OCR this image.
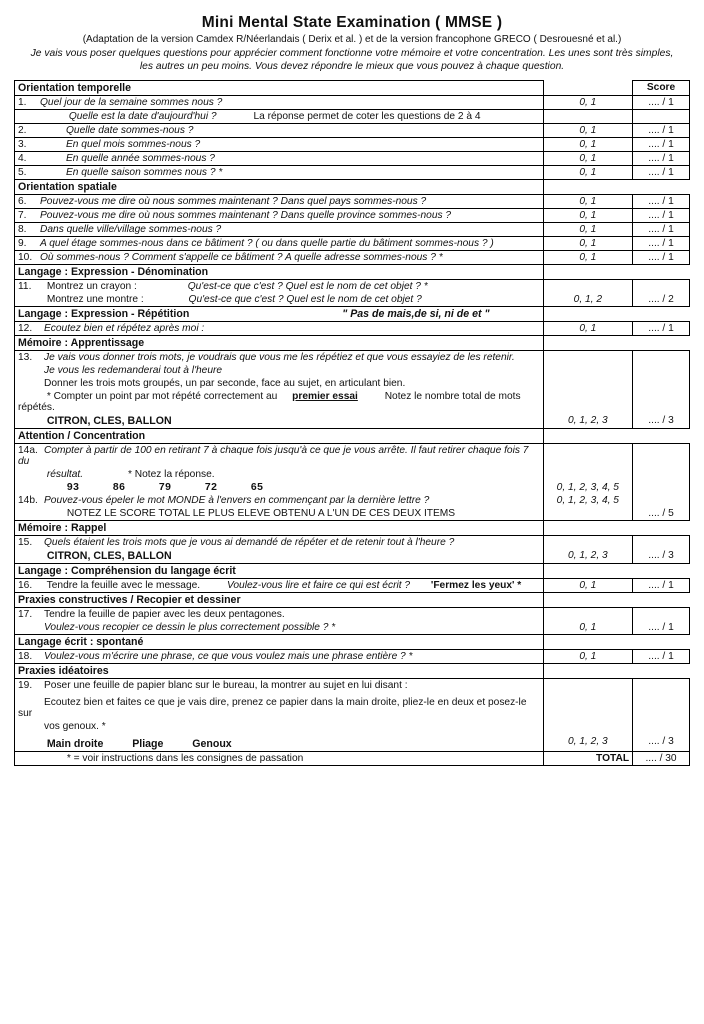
Mini Mental State Examination ( MMSE )
(Adaptation de la version Camdex R/Néerlandais ( Derix et al. ) et de la version francophone GRECO ( Desrouesné et al.)
Je vais vous poser quelques questions pour apprécier comment fonctionne votre mémoire et votre concentration. Les unes sont très simples, les autres un peu moins. Vous devez répondre le mieux que vous pouvez à chaque question.
Orientation temporelle		Score
1. Quel jour de la semaine sommes nous ?	0, 1	.... / 1
Quelle est la date d'aujourd'hui ? La réponse permet de coter les questions de 2 à 4		
2. Quelle date sommes-nous ?	0, 1	.... / 1
3. En quel mois sommes-nous ?	0, 1	.... / 1
4. En quelle année sommes-nous ?	0, 1	.... / 1
5. En quelle saison sommes nous ? *	0, 1	.... / 1
Orientation spatiale		
6. Pouvez-vous me dire où nous sommes maintenant ? Dans quel pays sommes-nous ?	0, 1	.... / 1
7. Pouvez-vous me dire où nous sommes maintenant ? Dans quelle province sommes-nous ?	0, 1	.... / 1
8. Dans quelle ville/village sommes-nous ?	0, 1	.... / 1
9. A quel étage sommes-nous dans ce bâtiment ? ( ou dans quelle partie du bâtiment sommes-nous ? )	0, 1	.... / 1
10. Où sommes-nous ? Comment s'appelle ce bâtiment ? A quelle adresse sommes-nous ? *	0, 1	.... / 1
Langage : Expression - Dénomination		
11. Montrez un crayon : Qu'est-ce que c'est ? Quel est le nom de cet objet ? *		
Montrez une montre : Qu'est-ce que c'est ? Quel est le nom de cet objet ?	0, 1, 2	.... / 2
Langage : Expression - Répétition " Pas de mais,de si, ni de et "		
12. Ecoutez bien et répétez après moi :	0, 1	.... / 1
Mémoire : Apprentissage		
13. Je vais vous donner trois mots, je voudrais que vous me les répétiez et que vous essayiez de les retenir.		
Je vous les redemanderai tout à l'heure		
Donner les trois mots groupés, un par seconde, face au sujet, en articulant bien.		
* Compter un point par mot répété correctement au premier essai Notez le nombre total de mots répétés.		
CITRON, CLES, BALLON	0, 1, 2, 3	.... / 3
Attention / Concentration		
14a. Compter à partir de 100 en retirant 7 à chaque fois jusqu'à ce que je vous arrête. Il faut retirer chaque fois 7 du		
résultat. * Notez la réponse.		
93 86 79 72 65	0, 1, 2, 3, 4, 5	
14b. Pouvez-vous épeler le mot MONDE à l'envers en commençant par la dernière lettre ?	0, 1, 2, 3, 4, 5	
NOTEZ LE SCORE TOTAL LE PLUS ELEVE OBTENU A L'UN DE CES DEUX ITEMS		.... / 5
Mémoire : Rappel		
15. Quels étaient les trois mots que je vous ai demandé de répéter et de retenir tout à l'heure ?		
CITRON, CLES, BALLON	0, 1, 2, 3	.... / 3
Langage : Compréhension du langage écrit		
16. Tendre la feuille avec le message. Voulez-vous lire et faire ce qui est écrit ? 'Fermez les yeux' *	0, 1	.... / 1
Praxies constructives / Recopier et dessiner		
17. Tendre la feuille de papier avec les deux pentagones.		
Voulez-vous recopier ce dessin le plus correctement possible ? *	0, 1	.... / 1
Langage écrit : spontané		
18. Voulez-vous m'écrire une phrase, ce que vous voulez mais une phrase entière ? *	0, 1	.... / 1
Praxies idéatoires		
19. Poser une feuille de papier blanc sur le bureau, la montrer au sujet en lui disant :		
Ecoutez bien et faites ce que je vais dire, prenez ce papier dans la main droite, pliez-le en deux et posez-le sur		
vos genoux. *		
Main droite Pliage Genoux	0, 1, 2, 3	.... / 3
* = voir instructions dans les consignes de passation	TOTAL	.... / 30
